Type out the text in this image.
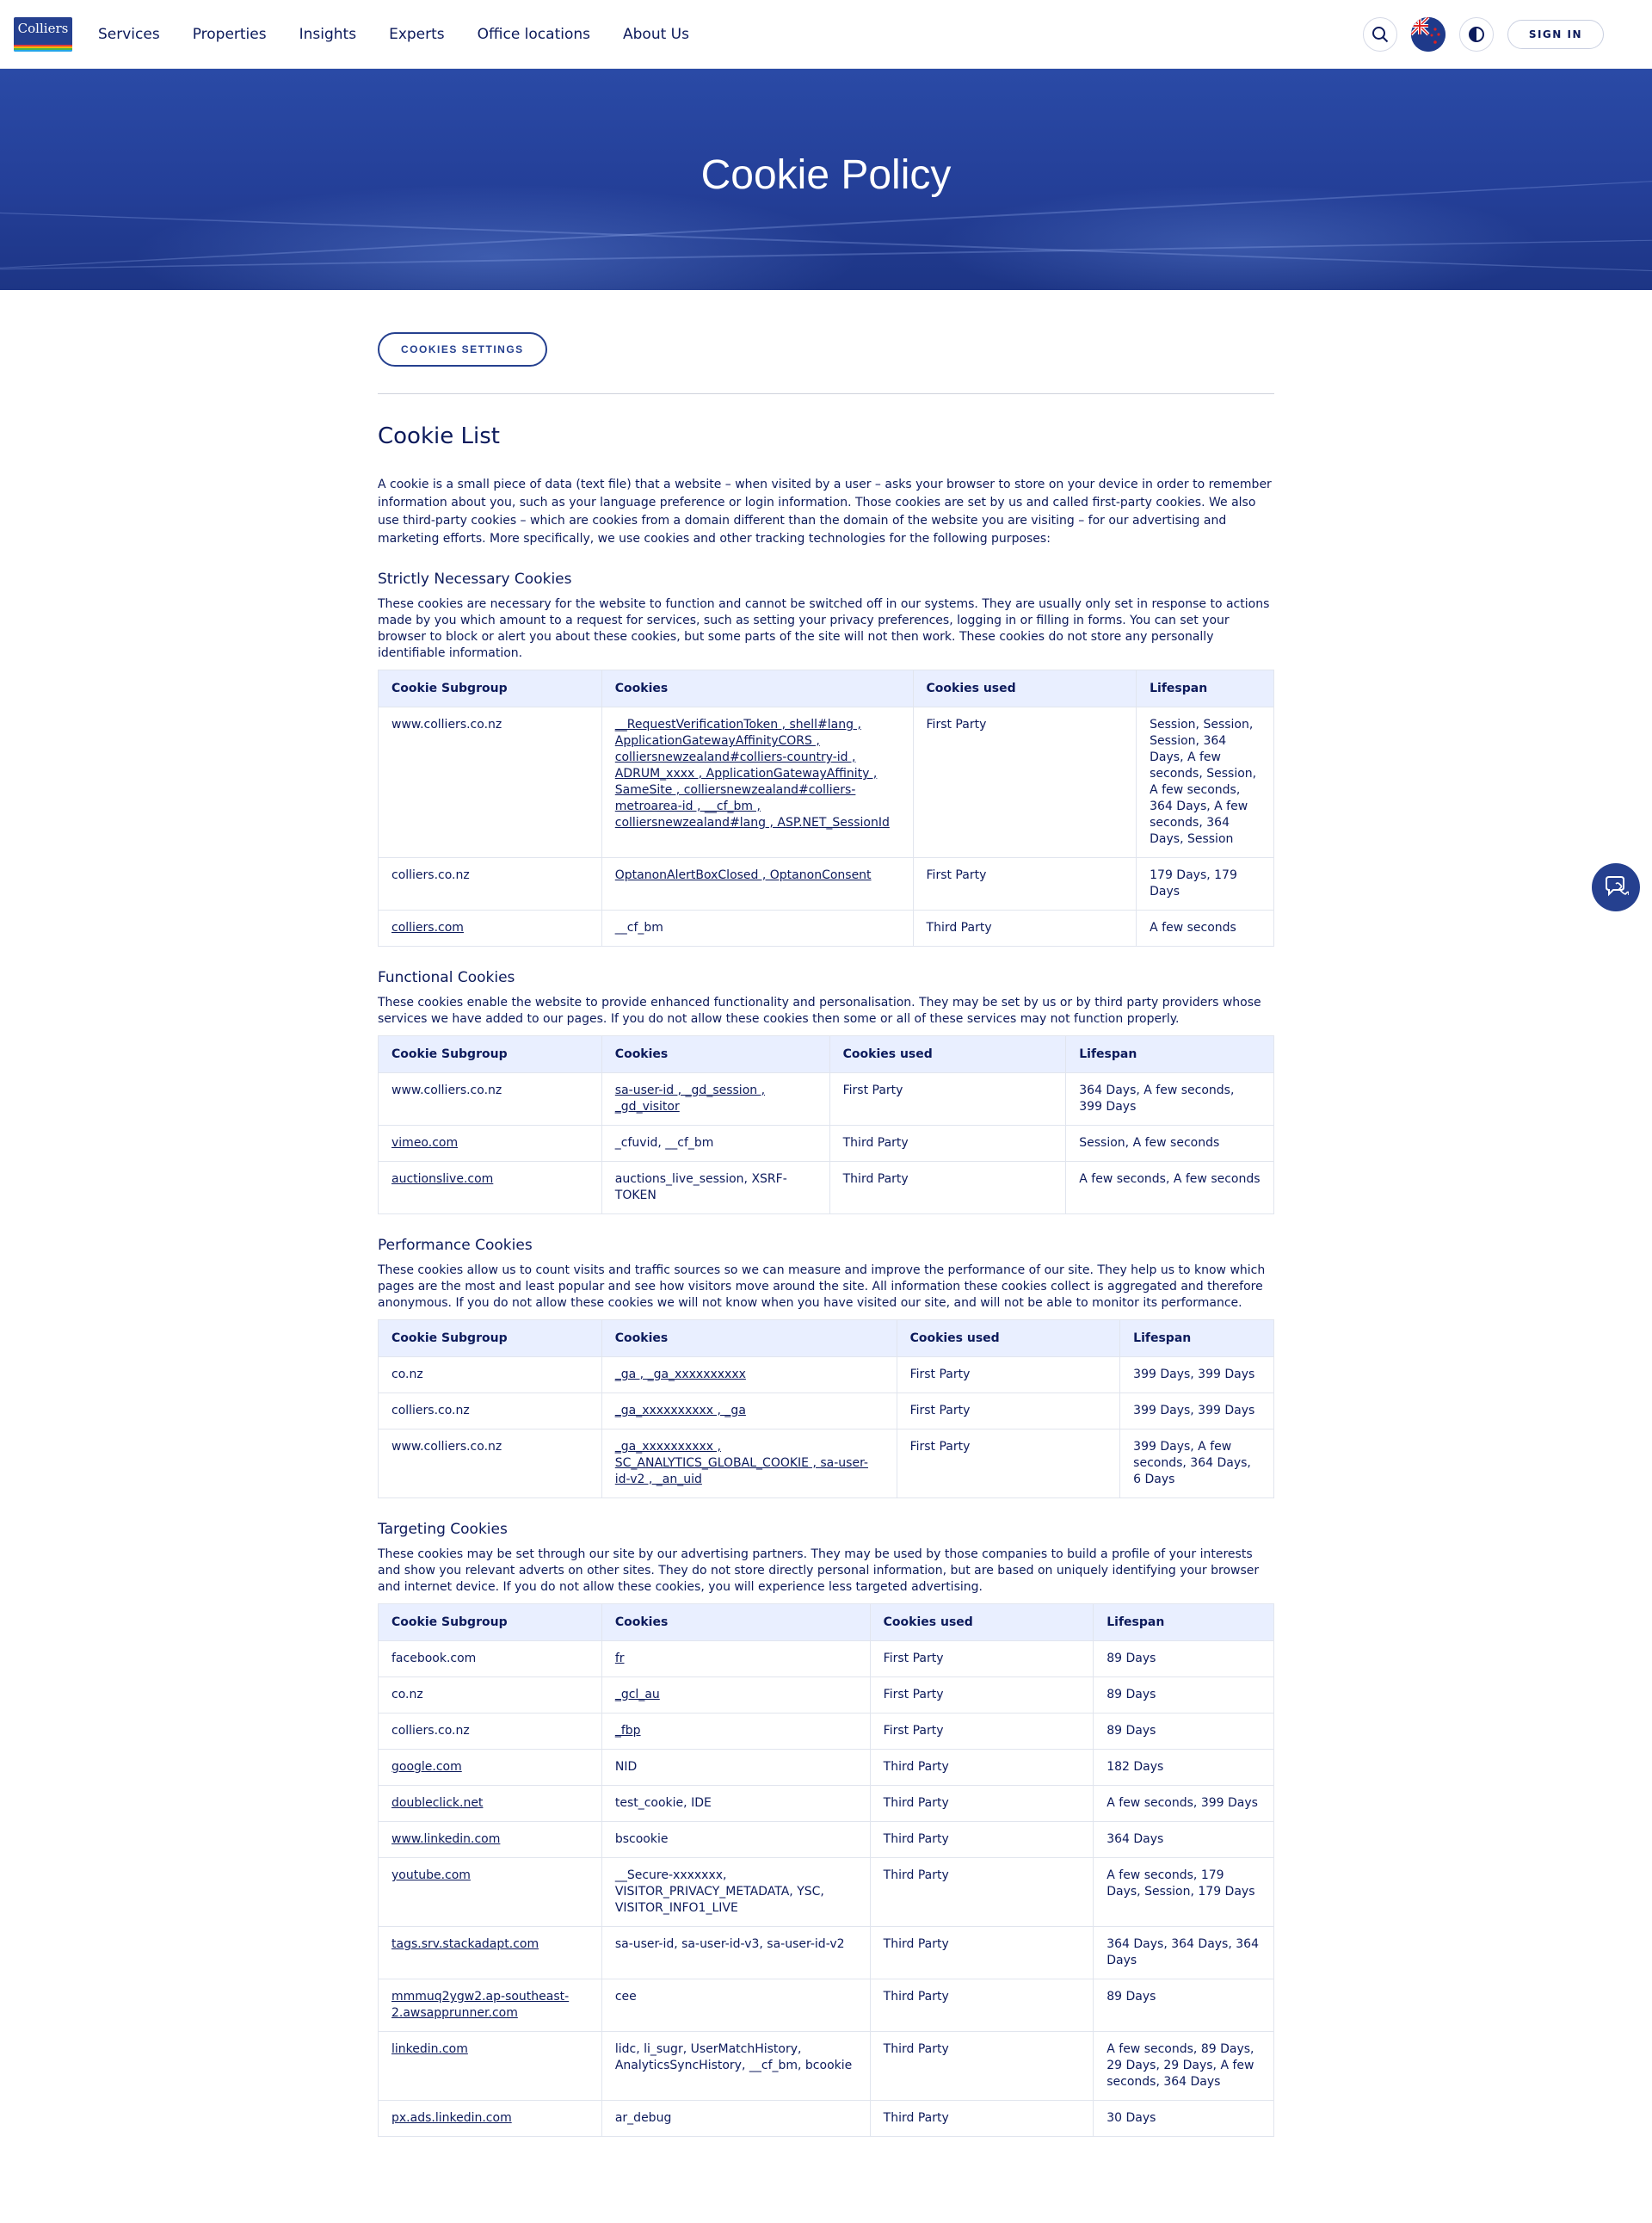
Colliers Services Properties Insights Experts Office locations About Us	SIGN IN
Cookie Policy
COOKIES SETTINGS
Cookie List

A cookie is a small piece of data (text file) that a website – when visited by a user – asks your browser to store on your device in order to remember information about you, such as your language preference or login information. Those cookies are set by us and called first-party cookies. We also use third-party cookies – which are cookies from a domain different than the domain of the website you are visiting – for our advertising and marketing efforts. More specifically, we use cookies and other tracking technologies for the following purposes:

Strictly Necessary Cookies

These cookies are necessary for the website to function and cannot be switched off in our systems. They are usually only set in response to actions made by you which amount to a request for services, such as setting your privacy preferences, logging in or filling in forms. You can set your browser to block or alert you about these cookies, but some parts of the site will not then work. These cookies do not store any personally identifiable information.

Cookie Subgroup	Cookies	Cookies used	Lifespan
www.colliers.co.nz	__RequestVerificationToken , shell#lang , ApplicationGatewayAffinityCORS , colliersnewzealand#colliers-country-id , ADRUM_xxxx , ApplicationGatewayAffinity , SameSite , colliersnewzealand#colliers-metroarea-id , __cf_bm , colliersnewzealand#lang , ASP.NET_SessionId	First Party	Session, Session, Session, 364 Days, A few seconds, Session, A few seconds, 364 Days, A few seconds, 364 Days, Session
colliers.co.nz	OptanonAlertBoxClosed , OptanonConsent	First Party	179 Days, 179 Days
colliers.com	__cf_bm	Third Party	A few seconds
Functional Cookies

These cookies enable the website to provide enhanced functionality and personalisation. They may be set by us or by third party providers whose services we have added to our pages. If you do not allow these cookies then some or all of these services may not function properly.

Cookie Subgroup	Cookies	Cookies used	Lifespan
www.colliers.co.nz	sa-user-id , _gd_session , _gd_visitor	First Party	364 Days, A few seconds, 399 Days
vimeo.com	_cfuvid, __cf_bm	Third Party	Session, A few seconds
auctionslive.com	auctions_live_session, XSRF-TOKEN	Third Party	A few seconds, A few seconds
Performance Cookies

These cookies allow us to count visits and traffic sources so we can measure and improve the performance of our site. They help us to know which pages are the most and least popular and see how visitors move around the site. All information these cookies collect is aggregated and therefore anonymous. If you do not allow these cookies we will not know when you have visited our site, and will not be able to monitor its performance.

Cookie Subgroup	Cookies	Cookies used	Lifespan
co.nz	_ga , _ga_xxxxxxxxxx	First Party	399 Days, 399 Days
colliers.co.nz	_ga_xxxxxxxxxx , _ga	First Party	399 Days, 399 Days
www.colliers.co.nz	_ga_xxxxxxxxxx , SC_ANALYTICS_GLOBAL_COOKIE , sa-user-id-v2 , _an_uid	First Party	399 Days, A few seconds, 364 Days, 6 Days
Targeting Cookies

These cookies may be set through our site by our advertising partners. They may be used by those companies to build a profile of your interests and show you relevant adverts on other sites. They do not store directly personal information, but are based on uniquely identifying your browser and internet device. If you do not allow these cookies, you will experience less targeted advertising.

Cookie Subgroup	Cookies	Cookies used	Lifespan
facebook.com	fr	First Party	89 Days
co.nz	_gcl_au	First Party	89 Days
colliers.co.nz	_fbp	First Party	89 Days
google.com	NID	Third Party	182 Days
doubleclick.net	test_cookie, IDE	Third Party	A few seconds, 399 Days
www.linkedin.com	bscookie	Third Party	364 Days
youtube.com	__Secure-xxxxxxx, VISITOR_PRIVACY_METADATA, YSC, VISITOR_INFO1_LIVE	Third Party	A few seconds, 179 Days, Session, 179 Days
tags.srv.stackadapt.com	sa-user-id, sa-user-id-v3, sa-user-id-v2	Third Party	364 Days, 364 Days, 364 Days
mmmuq2ygw2.ap-southeast-2.awsapprunner.com	cee	Third Party	89 Days
linkedin.com	lidc, li_sugr, UserMatchHistory, AnalyticsSyncHistory, __cf_bm, bcookie	Third Party	A few seconds, 89 Days, 29 Days, 29 Days, A few seconds, 364 Days
px.ads.linkedin.com	ar_debug	Third Party	30 Days
